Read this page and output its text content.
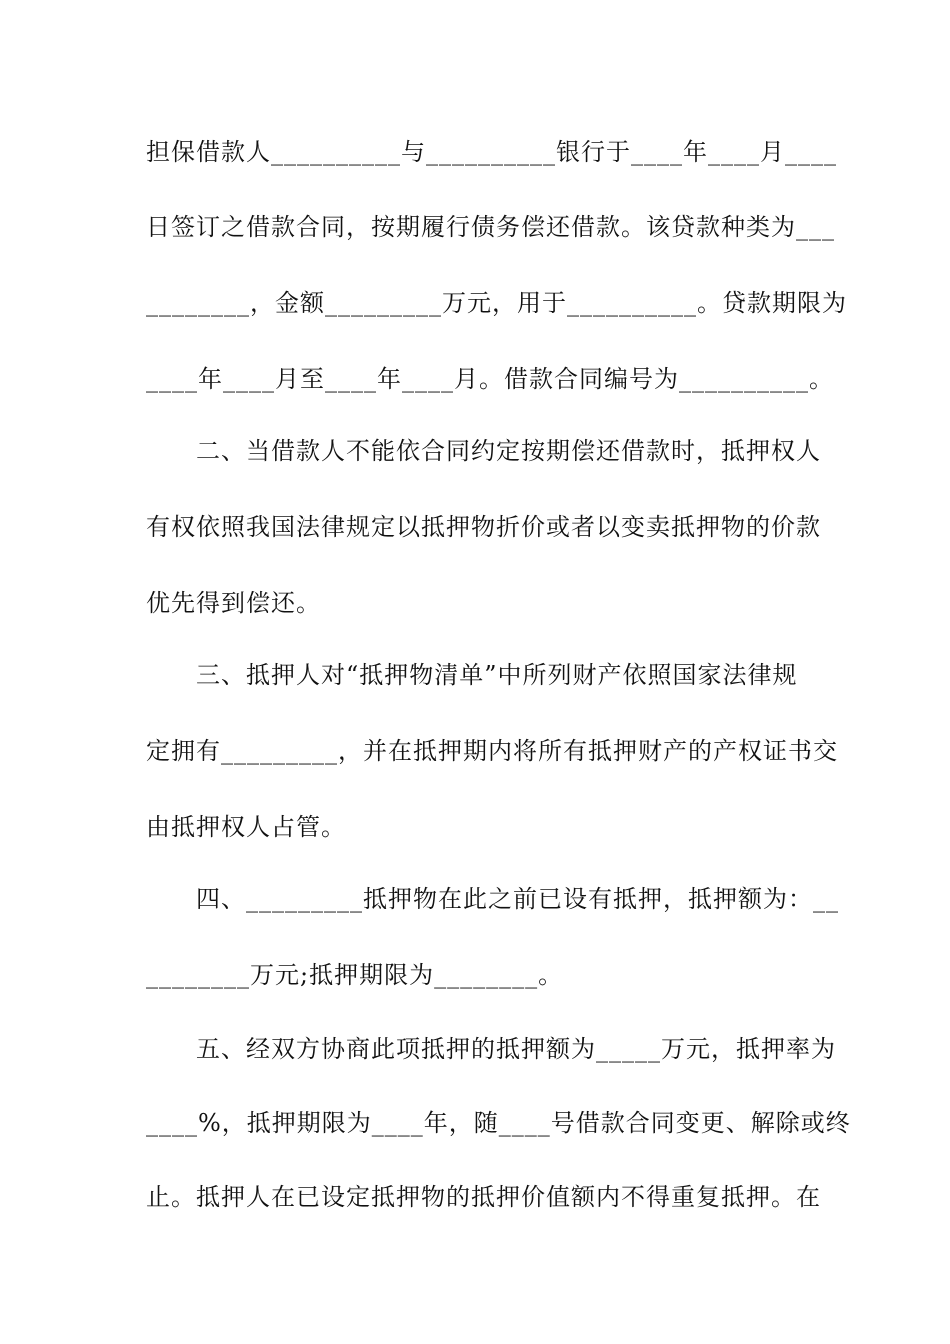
担保借款人__________与__________银行于____年____月____
日签订之借款合同，按期履行债务偿还借款。该贷款种类为___
________，金额_________万元，用于__________。贷款期限为
____年____月至____年____月。借款合同编号为__________。
　　二、当借款人不能依合同约定按期偿还借款时，抵押权人
有权依照我国法律规定以抵押物折价或者以变卖抵押物的价款
优先得到偿还。
　　三、抵押人对“抵押物清单”中所列财产依照国家法律规
定拥有_________，并在抵押期内将所有抵押财产的产权证书交
由抵押权人占管。
　　四、_________抵押物在此之前已设有抵押，抵押额为：__
________万元;抵押期限为________。
　　五、经双方协商此项抵押的抵押额为_____万元，抵押率为
____%，抵押期限为____年，随____号借款合同变更、解除或终
止。抵押人在已设定抵押物的抵押价值额内不得重复抵押。在
